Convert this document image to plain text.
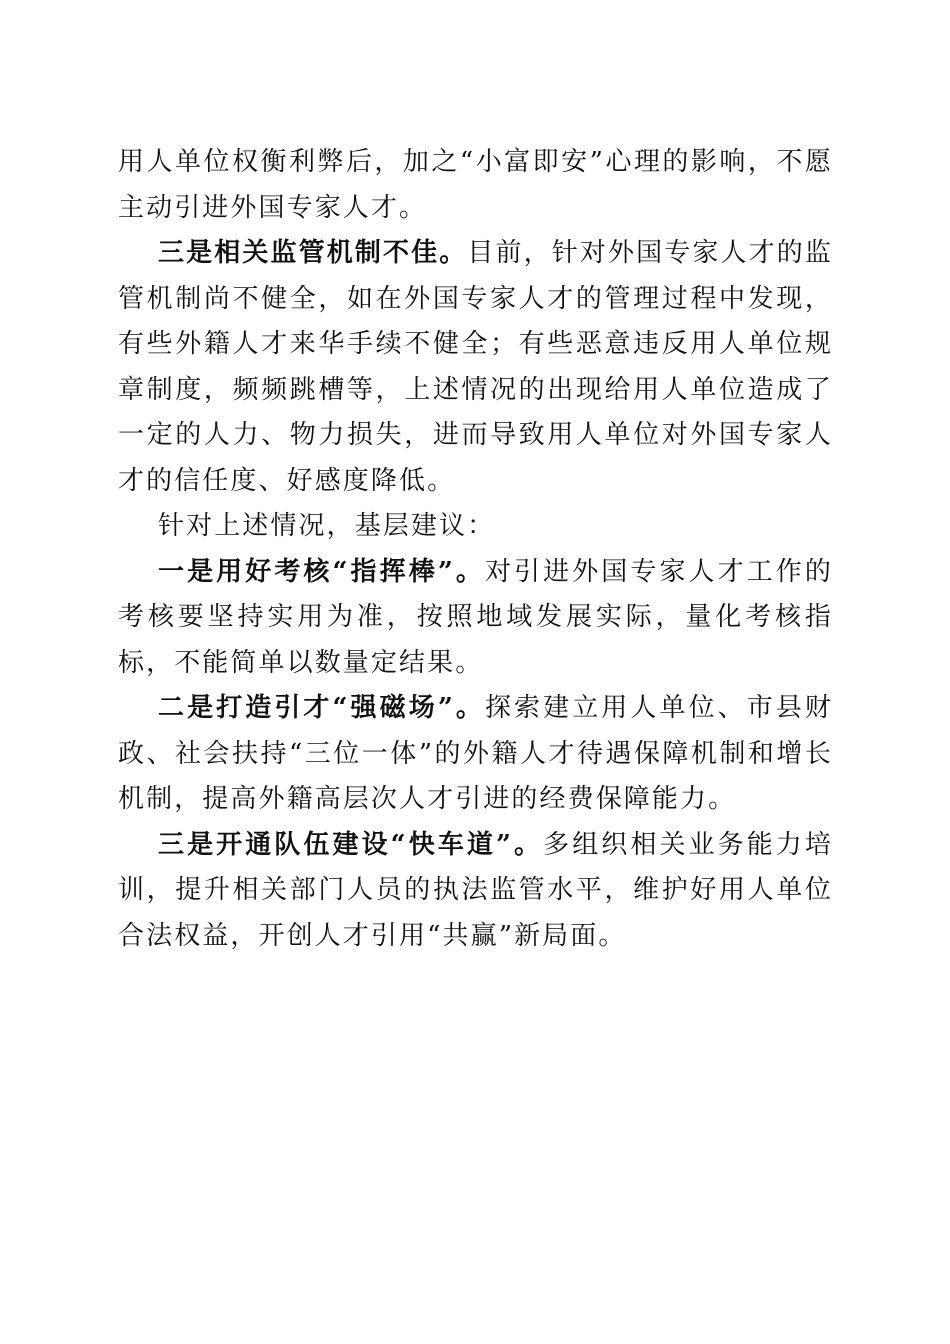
用人单位权衡利弊后，加之“小富即安”心理的影响，不愿主动引进外国专家人才。

三是相关监管机制不佳。目前，针对外国专家人才的监管机制尚不健全，如在外国专家人才的管理过程中发现，有些外籍人才来华手续不健全；有些恶意违反用人单位规章制度，频频跳槽等，上述情况的出现给用人单位造成了一定的人力、物力损失，进而导致用人单位对外国专家人才的信任度、好感度降低。

针对上述情况，基层建议：

一是用好考核“指挥棒”。对引进外国专家人才工作的考核要坚持实用为准，按照地域发展实际，量化考核指标，不能简单以数量定结果。

二是打造引才“强磁场”。探索建立用人单位、市县财政、社会扶持“三位一体”的外籍人才待遇保障机制和增长机制，提高外籍高层次人才引进的经费保障能力。

三是开通队伍建设“快车道”。多组织相关业务能力培训，提升相关部门人员的执法监管水平，维护好用人单位合法权益，开创人才引用“共赢”新局面。
